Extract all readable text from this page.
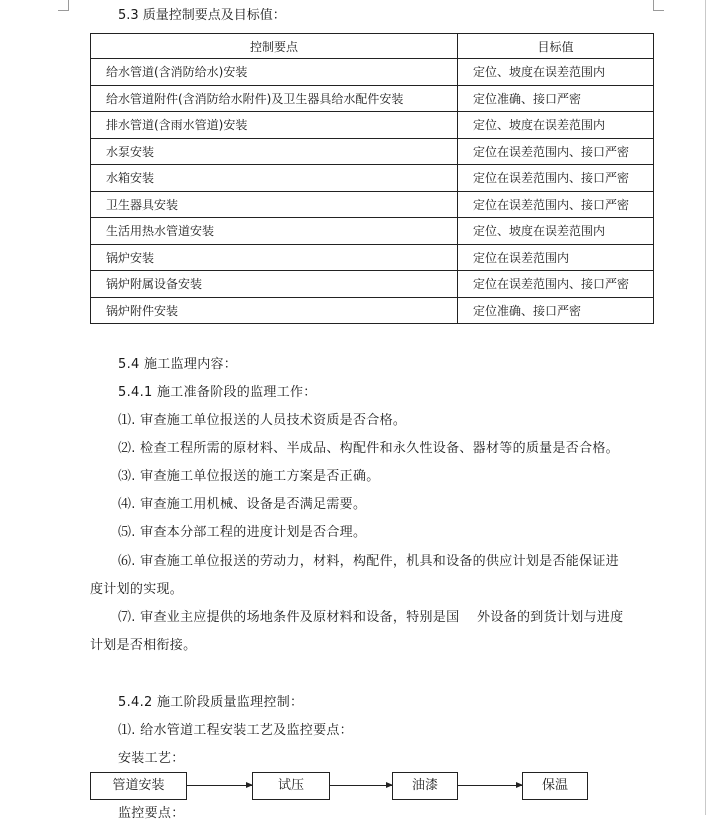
5.3 质量控制要点及目标值：
控制要点	目标值
给水管道(含消防给水)安装	定位、坡度在误差范围内
给水管道附件(含消防给水附件)及卫生器具给水配件安装	定位准确、接口严密
排水管道(含雨水管道)安装	定位、坡度在误差范围内
水泵安装	定位在误差范围内、接口严密
水箱安装	定位在误差范围内、接口严密
卫生器具安装	定位在误差范围内、接口严密
生活用热水管道安装	定位、坡度在误差范围内
锅炉安装	定位在误差范围内
锅炉附属设备安装	定位在误差范围内、接口严密
锅炉附件安装	定位准确、接口严密
5.4 施工监理内容：
5.4.1 施工准备阶段的监理工作：
⑴. 审查施工单位报送的人员技术资质是否合格。
⑵. 检查工程所需的原材料、半成品、构配件和永久性设备、器材等的质量是否合格。
⑶. 审查施工单位报送的施工方案是否正确。
⑷. 审查施工用机械、设备是否满足需要。
⑸. 审查本分部工程的进度计划是否合理。
⑹. 审查施工单位报送的劳动力，材料，构配件，机具和设备的供应计划是否能保证进
度计划的实现。
⑺. 审查业主应提供的场地条件及原材料和设备，特别是国　 外设备的到货计划与进度
计划是否相衔接。
5.4.2 施工阶段质量监理控制：
⑴. 给水管道工程安装工艺及监控要点：
安装工艺：
管道安装	试压	油漆	保温
监控要点：
